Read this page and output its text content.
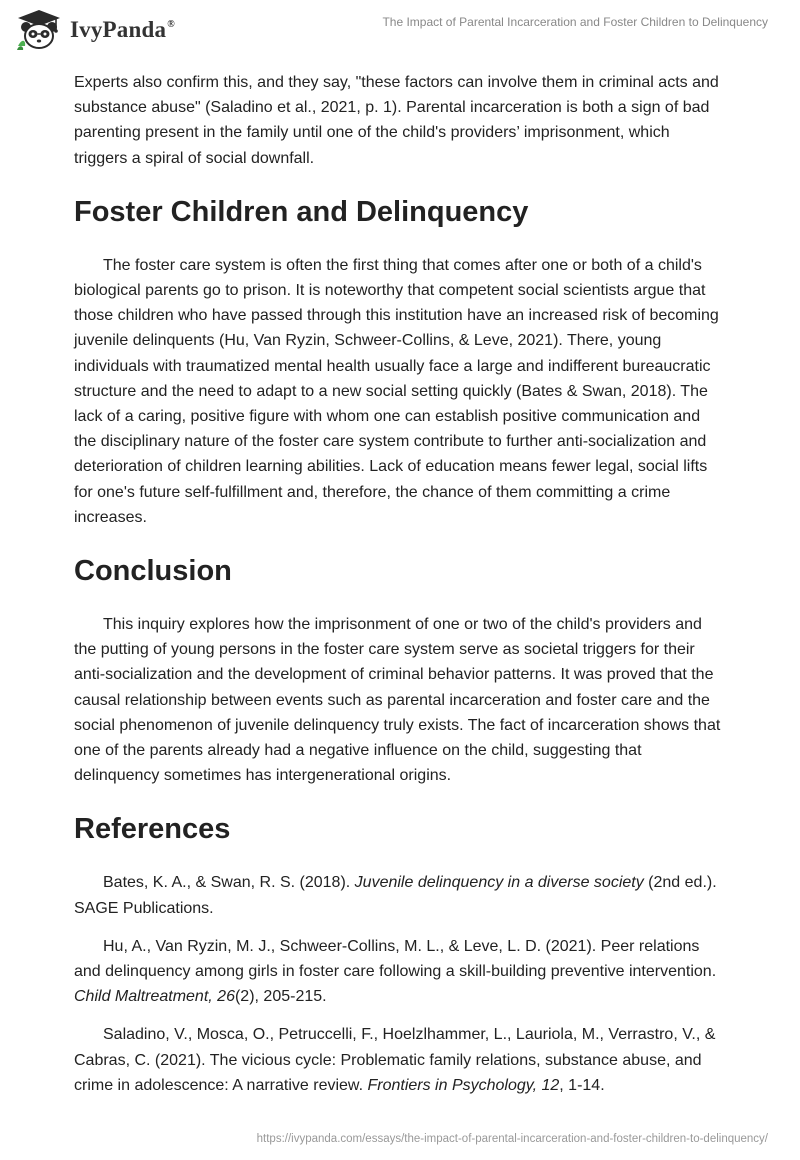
IvyPanda®	The Impact of Parental Incarceration and Foster Children to Delinquency

Experts also confirm this, and they say, "these factors can involve them in criminal acts and substance abuse" (Saladino et al., 2021, p. 1). Parental incarceration is both a sign of bad parenting present in the family until one of the child's providers’ imprisonment, which triggers a spiral of social downfall.

Foster Children and Delinquency

The foster care system is often the first thing that comes after one or both of a child's biological parents go to prison. It is noteworthy that competent social scientists argue that those children who have passed through this institution have an increased risk of becoming juvenile delinquents (Hu, Van Ryzin, Schweer-Collins, & Leve, 2021). There, young individuals with traumatized mental health usually face a large and indifferent bureaucratic structure and the need to adapt to a new social setting quickly (Bates & Swan, 2018). The lack of a caring, positive figure with whom one can establish positive communication and the disciplinary nature of the foster care system contribute to further anti-socialization and deterioration of children learning abilities. Lack of education means fewer legal, social lifts for one's future self-fulfillment and, therefore, the chance of them committing a crime increases.

Conclusion

This inquiry explores how the imprisonment of one or two of the child's providers and the putting of young persons in the foster care system serve as societal triggers for their anti-socialization and the development of criminal behavior patterns. It was proved that the causal relationship between events such as parental incarceration and foster care and the social phenomenon of juvenile delinquency truly exists. The fact of incarceration shows that one of the parents already had a negative influence on the child, suggesting that delinquency sometimes has intergenerational origins.

References

Bates, K. A., & Swan, R. S. (2018). Juvenile delinquency in a diverse society (2nd ed.). SAGE Publications.

Hu, A., Van Ryzin, M. J., Schweer-Collins, M. L., & Leve, L. D. (2021). Peer relations and delinquency among girls in foster care following a skill-building preventive intervention. Child Maltreatment, 26(2), 205-215.

Saladino, V., Mosca, O., Petruccelli, F., Hoelzlhammer, L., Lauriola, M., Verrastro, V., & Cabras, C. (2021). The vicious cycle: Problematic family relations, substance abuse, and crime in adolescence: A narrative review. Frontiers in Psychology, 12, 1-14.

https://ivypanda.com/essays/the-impact-of-parental-incarceration-and-foster-children-to-delinquency/
